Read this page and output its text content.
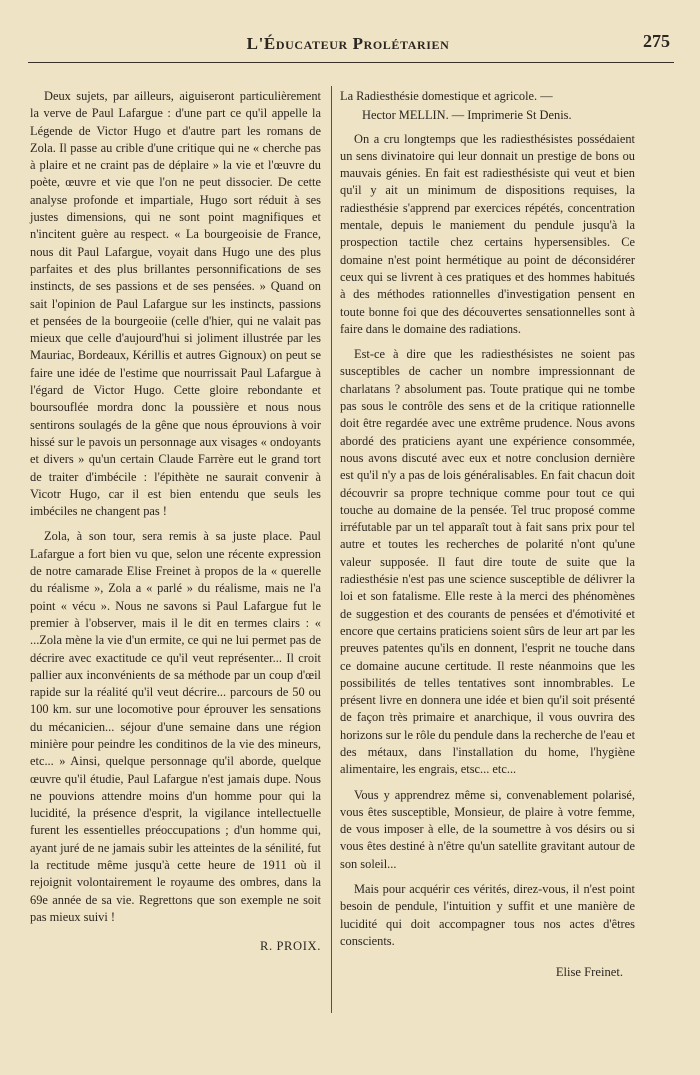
L'Éducateur Prolétarien	275

Deux sujets, par ailleurs, aiguiseront particulièrement la verve de Paul Lafargue : d'une part ce qu'il appelle la Légende de Victor Hugo et d'autre part les romans de Zola. Il passe au crible d'une critique qui ne « cherche pas à plaire et ne craint pas de déplaire » la vie et l'œuvre du poète, œuvre et vie que l'on ne peut dissocier. De cette analyse profonde et impartiale, Hugo sort réduit à ses justes dimensions, qui ne sont point magnifiques et n'incitent guère au respect. « La bourgeoisie de France, nous dit Paul Lafargue, voyait dans Hugo une des plus parfaites et des plus brillantes personnifications de ses instincts, de ses passions et de ses pensées. » Quand on sait l'opinion de Paul Lafargue sur les instincts, passions et pensées de la bourgeoiie (celle d'hier, qui ne valait pas mieux que celle d'aujourd'hui si joliment illustrée par les Mauriac, Bordeaux, Kérillis et autres Gignoux) on peut se faire une idée de l'estime que nourrissait Paul Lafargue à l'égard de Victor Hugo. Cette gloire rebondante et boursouflée mordra donc la poussière et nous nous sentirons soulagés de la gêne que nous éprouvions à voir hissé sur le pavois un personnage aux visages « ondoyants et divers » qu'un certain Claude Farrère eut le grand tort de traiter d'imbécile : l'épithète ne saurait convenir à Vicotr Hugo, car il est bien entendu que seuls les imbéciles ne changent pas !

Zola, à son tour, sera remis à sa juste place. Paul Lafargue a fort bien vu que, selon une récente expression de notre camarade Elise Freinet à propos de la « querelle du réalisme », Zola a « parlé » du réalisme, mais ne l'a point « vécu ». Nous ne savons si Paul Lafargue fut le premier à l'observer, mais il le dit en termes clairs : « ...Zola mène la vie d'un ermite, ce qui ne lui permet pas de décrire avec exactitude ce qu'il veut représenter... Il croit pallier aux inconvénients de sa méthode par un coup d'œil rapide sur la réalité qu'il veut décrire... parcours de 50 ou 100 km. sur une locomotive pour éprouver les sensations du mécanicien... séjour d'une semaine dans une région minière pour peindre les conditinos de la vie des mineurs, etc... » Ainsi, quelque personnage qu'il aborde, quelque œuvre qu'il étudie, Paul Lafargue n'est jamais dupe. Nous ne pouvions attendre moins d'un homme pour qui la lucidité, la présence d'esprit, la vigilance intellectuelle furent les essentielles préoccupations ; d'un homme qui, ayant juré de ne jamais subir les atteintes de la sénilité, fut la rectitude même jusqu'à cette heure de 1911 où il rejoignit volontairement le royaume des ombres, dans la 69e année de sa vie. Regrettons que son exemple ne soit pas mieux suivi !

R. PROIX.

La Radiesthésie domestique et agricole. —

Hector MELLIN. — Imprimerie St Denis.

On a cru longtemps que les radiesthésistes possédaient un sens divinatoire qui leur donnait un prestige de bons ou mauvais génies. En fait est radiesthésiste qui veut et bien qu'il y ait un minimum de dispositions requises, la radiesthésie s'apprend par exercices répétés, concentration mentale, depuis le maniement du pendule jusqu'à la prospection tactile chez certains hypersensibles. Ce domaine n'est point hermétique au point de déconsidérer ceux qui se livrent à ces pratiques et des hommes habitués à des méthodes rationnelles d'investigation pensent en toute bonne foi que des découvertes sensationnelles sont à faire dans le domaine des radiations.

Est-ce à dire que les radiesthésistes ne soient pas susceptibles de cacher un nombre impressionnant de charlatans ? absolument pas. Toute pratique qui ne tombe pas sous le contrôle des sens et de la critique rationnelle doit être regardée avec une extrême prudence. Nous avons abordé des praticiens ayant une expérience consommée, nous avons discuté avec eux et notre conclusion dernière est qu'il n'y a pas de lois généralisables. En fait chacun doit découvrir sa propre technique comme pour tout ce qui touche au domaine de la pensée. Tel truc proposé comme irréfutable par un tel apparaît tout à fait sans prix pour tel autre et toutes les recherches de polarité n'ont qu'une valeur supposée. Il faut dire toute de suite que la radiesthésie n'est pas une science susceptible de délivrer la loi et son fatalisme. Elle reste à la merci des phénomènes de suggestion et des courants de pensées et d'émotivité et encore que certains praticiens soient sûrs de leur art par les preuves patentes qu'ils en donnent, l'esprit ne touche dans ce domaine aucune certitude. Il reste néanmoins que les possibilités de telles tentatives sont innombrables. Le présent livre en donnera une idée et bien qu'il soit présenté de façon très primaire et anarchique, il vous ouvrira des horizons sur le rôle du pendule dans la recherche de l'eau et des métaux, dans l'installation du home, l'hygiène alimentaire, les engrais, etsc... etc...

Vous y apprendrez même si, convenablement polarisé, vous êtes susceptible, Monsieur, de plaire à votre femme, de vous imposer à elle, de la soumettre à vos désirs ou si vous êtes destiné à n'être qu'un satellite gravitant autour de son soleil...

Mais pour acquérir ces vérités, direz-vous, il n'est point besoin de pendule, l'intuition y suffit et une manière de lucidité qui doit accompagner tous nos actes d'êtres conscients.

Elise Freinet.
